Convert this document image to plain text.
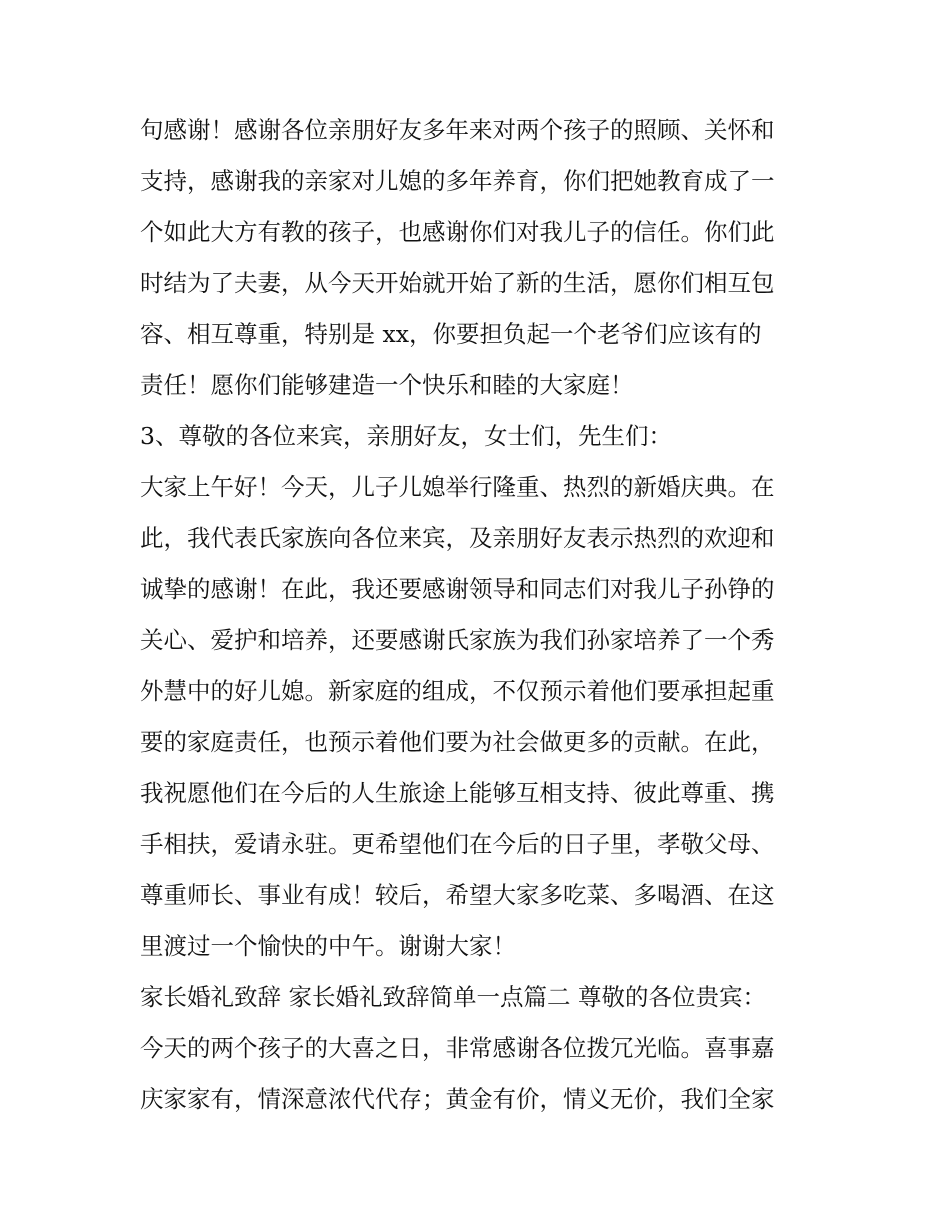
句感谢！感谢各位亲朋好友多年来对两个孩子的照顾、关怀和
支持，感谢我的亲家对儿媳的多年养育，你们把她教育成了一
个如此大方有教的孩子，也感谢你们对我儿子的信任。你们此
时结为了夫妻，从今天开始就开始了新的生活，愿你们相互包
容、相互尊重，特别是 xx，你要担负起一个老爷们应该有的
责任！愿你们能够建造一个快乐和睦的大家庭！
3、尊敬的各位来宾，亲朋好友，女士们，先生们：
大家上午好！今天，儿子儿媳举行隆重、热烈的新婚庆典。在
此，我代表氏家族向各位来宾，及亲朋好友表示热烈的欢迎和
诚挚的感谢！在此，我还要感谢领导和同志们对我儿子孙铮的
关心、爱护和培养，还要感谢氏家族为我们孙家培养了一个秀
外慧中的好儿媳。新家庭的组成，不仅预示着他们要承担起重
要的家庭责任，也预示着他们要为社会做更多的贡献。在此，
我祝愿他们在今后的人生旅途上能够互相支持、彼此尊重、携
手相扶，爱请永驻。更希望他们在今后的日子里，孝敬父母、
尊重师长、事业有成！较后，希望大家多吃菜、多喝酒、在这
里渡过一个愉快的中午。谢谢大家！
家长婚礼致辞 家长婚礼致辞简单一点篇二 尊敬的各位贵宾：
今天的两个孩子的大喜之日，非常感谢各位拨冗光临。喜事嘉
庆家家有，情深意浓代代存；黄金有价，情义无价，我们全家
